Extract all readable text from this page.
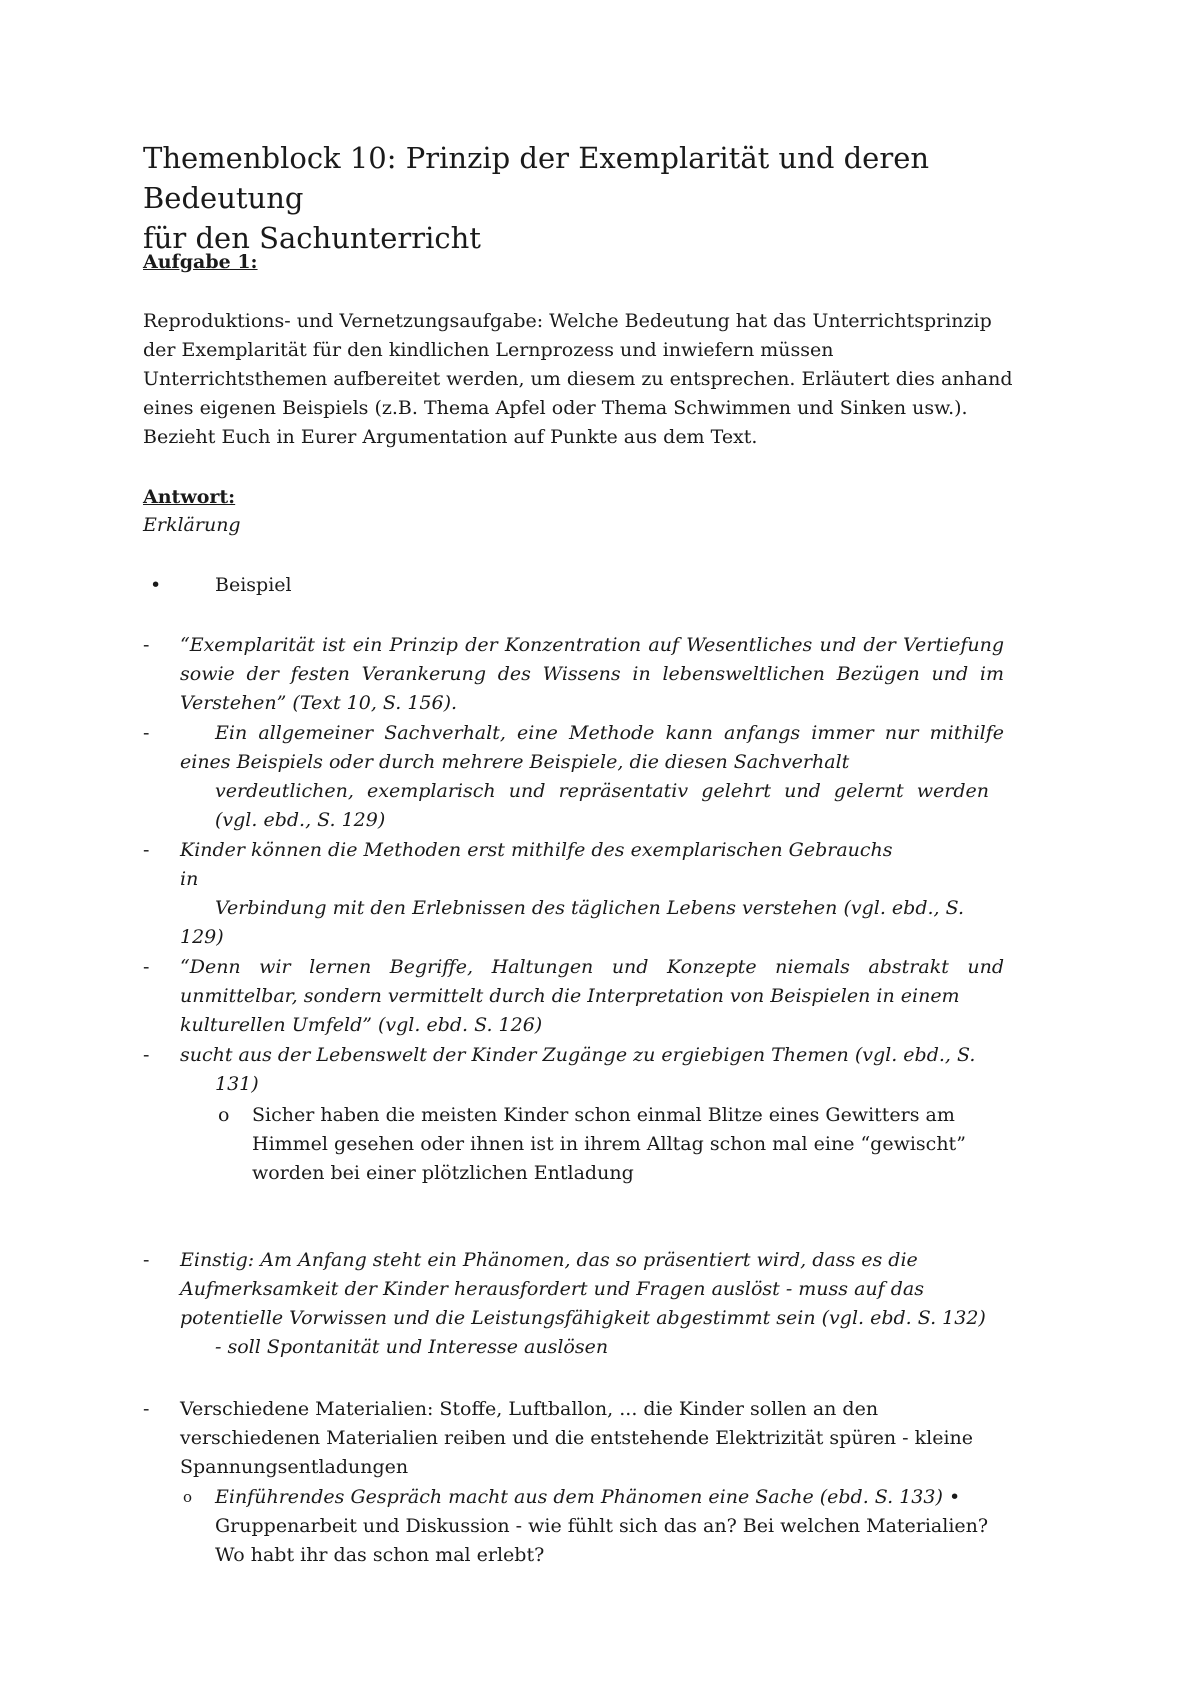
Themenblock 10: Prinzip der Exemplarität und deren Bedeutung
für den Sachunterricht

Aufgabe 1:

Reproduktions- und Vernetzungsaufgabe: Welche Bedeutung hat das Unterrichtsprinzip
der Exemplarität für den kindlichen Lernprozess und inwiefern müssen
Unterrichtsthemen aufbereitet werden, um diesem zu entsprechen. Erläutert dies anhand
eines eigenen Beispiels (z.B. Thema Apfel oder Thema Schwimmen und Sinken usw.).
Bezieht Euch in Eurer Argumentation auf Punkte aus dem Text.

Antwort:

Erklärung
•	Beispiel
- “Exemplarität ist ein Prinzip der Konzentration auf Wesentliches und der Vertiefung
sowie der festen Verankerung des Wissens in lebensweltlichen Bezügen und im
Verstehen” (Text 10, S. 156).
-	Ein allgemeiner Sachverhalt, eine Methode kann anfangs immer nur mithilfe
eines Beispiels oder durch mehrere Beispiele, die diesen Sachverhalt
verdeutlichen, exemplarisch und repräsentativ gelehrt und gelernt werden
(vgl. ebd., S. 129)
- Kinder können die Methoden erst mithilfe des exemplarischen Gebrauchs
in
Verbindung mit den Erlebnissen des täglichen Lebens verstehen (vgl. ebd., S.
129)
- “Denn wir lernen Begriffe, Haltungen und Konzepte niemals abstrakt und
unmittelbar, sondern vermittelt durch die Interpretation von Beispielen in einem
kulturellen Umfeld” (vgl. ebd. S. 126)
- sucht aus der Lebenswelt der Kinder Zugänge zu ergiebigen Themen (vgl. ebd., S.
131)
o Sicher haben die meisten Kinder schon einmal Blitze eines Gewitters am
Himmel gesehen oder ihnen ist in ihrem Alltag schon mal eine “gewischt”
worden bei einer plötzlichen Entladung
- Einstig: Am Anfang steht ein Phänomen, das so präsentiert wird, dass es die
Aufmerksamkeit der Kinder herausfordert und Fragen auslöst - muss auf das
potentielle Vorwissen und die Leistungsfähigkeit abgestimmt sein (vgl. ebd. S. 132)
- soll Spontanität und Interesse auslösen
- Verschiedene Materialien: Stoffe, Luftballon, ... die Kinder sollen an den
verschiedenen Materialien reiben und die entstehende Elektrizität spüren - kleine
Spannungsentladungen
o Einführendes Gespräch macht aus dem Phänomen eine Sache (ebd. S. 133) •
Gruppenarbeit und Diskussion - wie fühlt sich das an? Bei welchen Materialien?
Wo habt ihr das schon mal erlebt?
